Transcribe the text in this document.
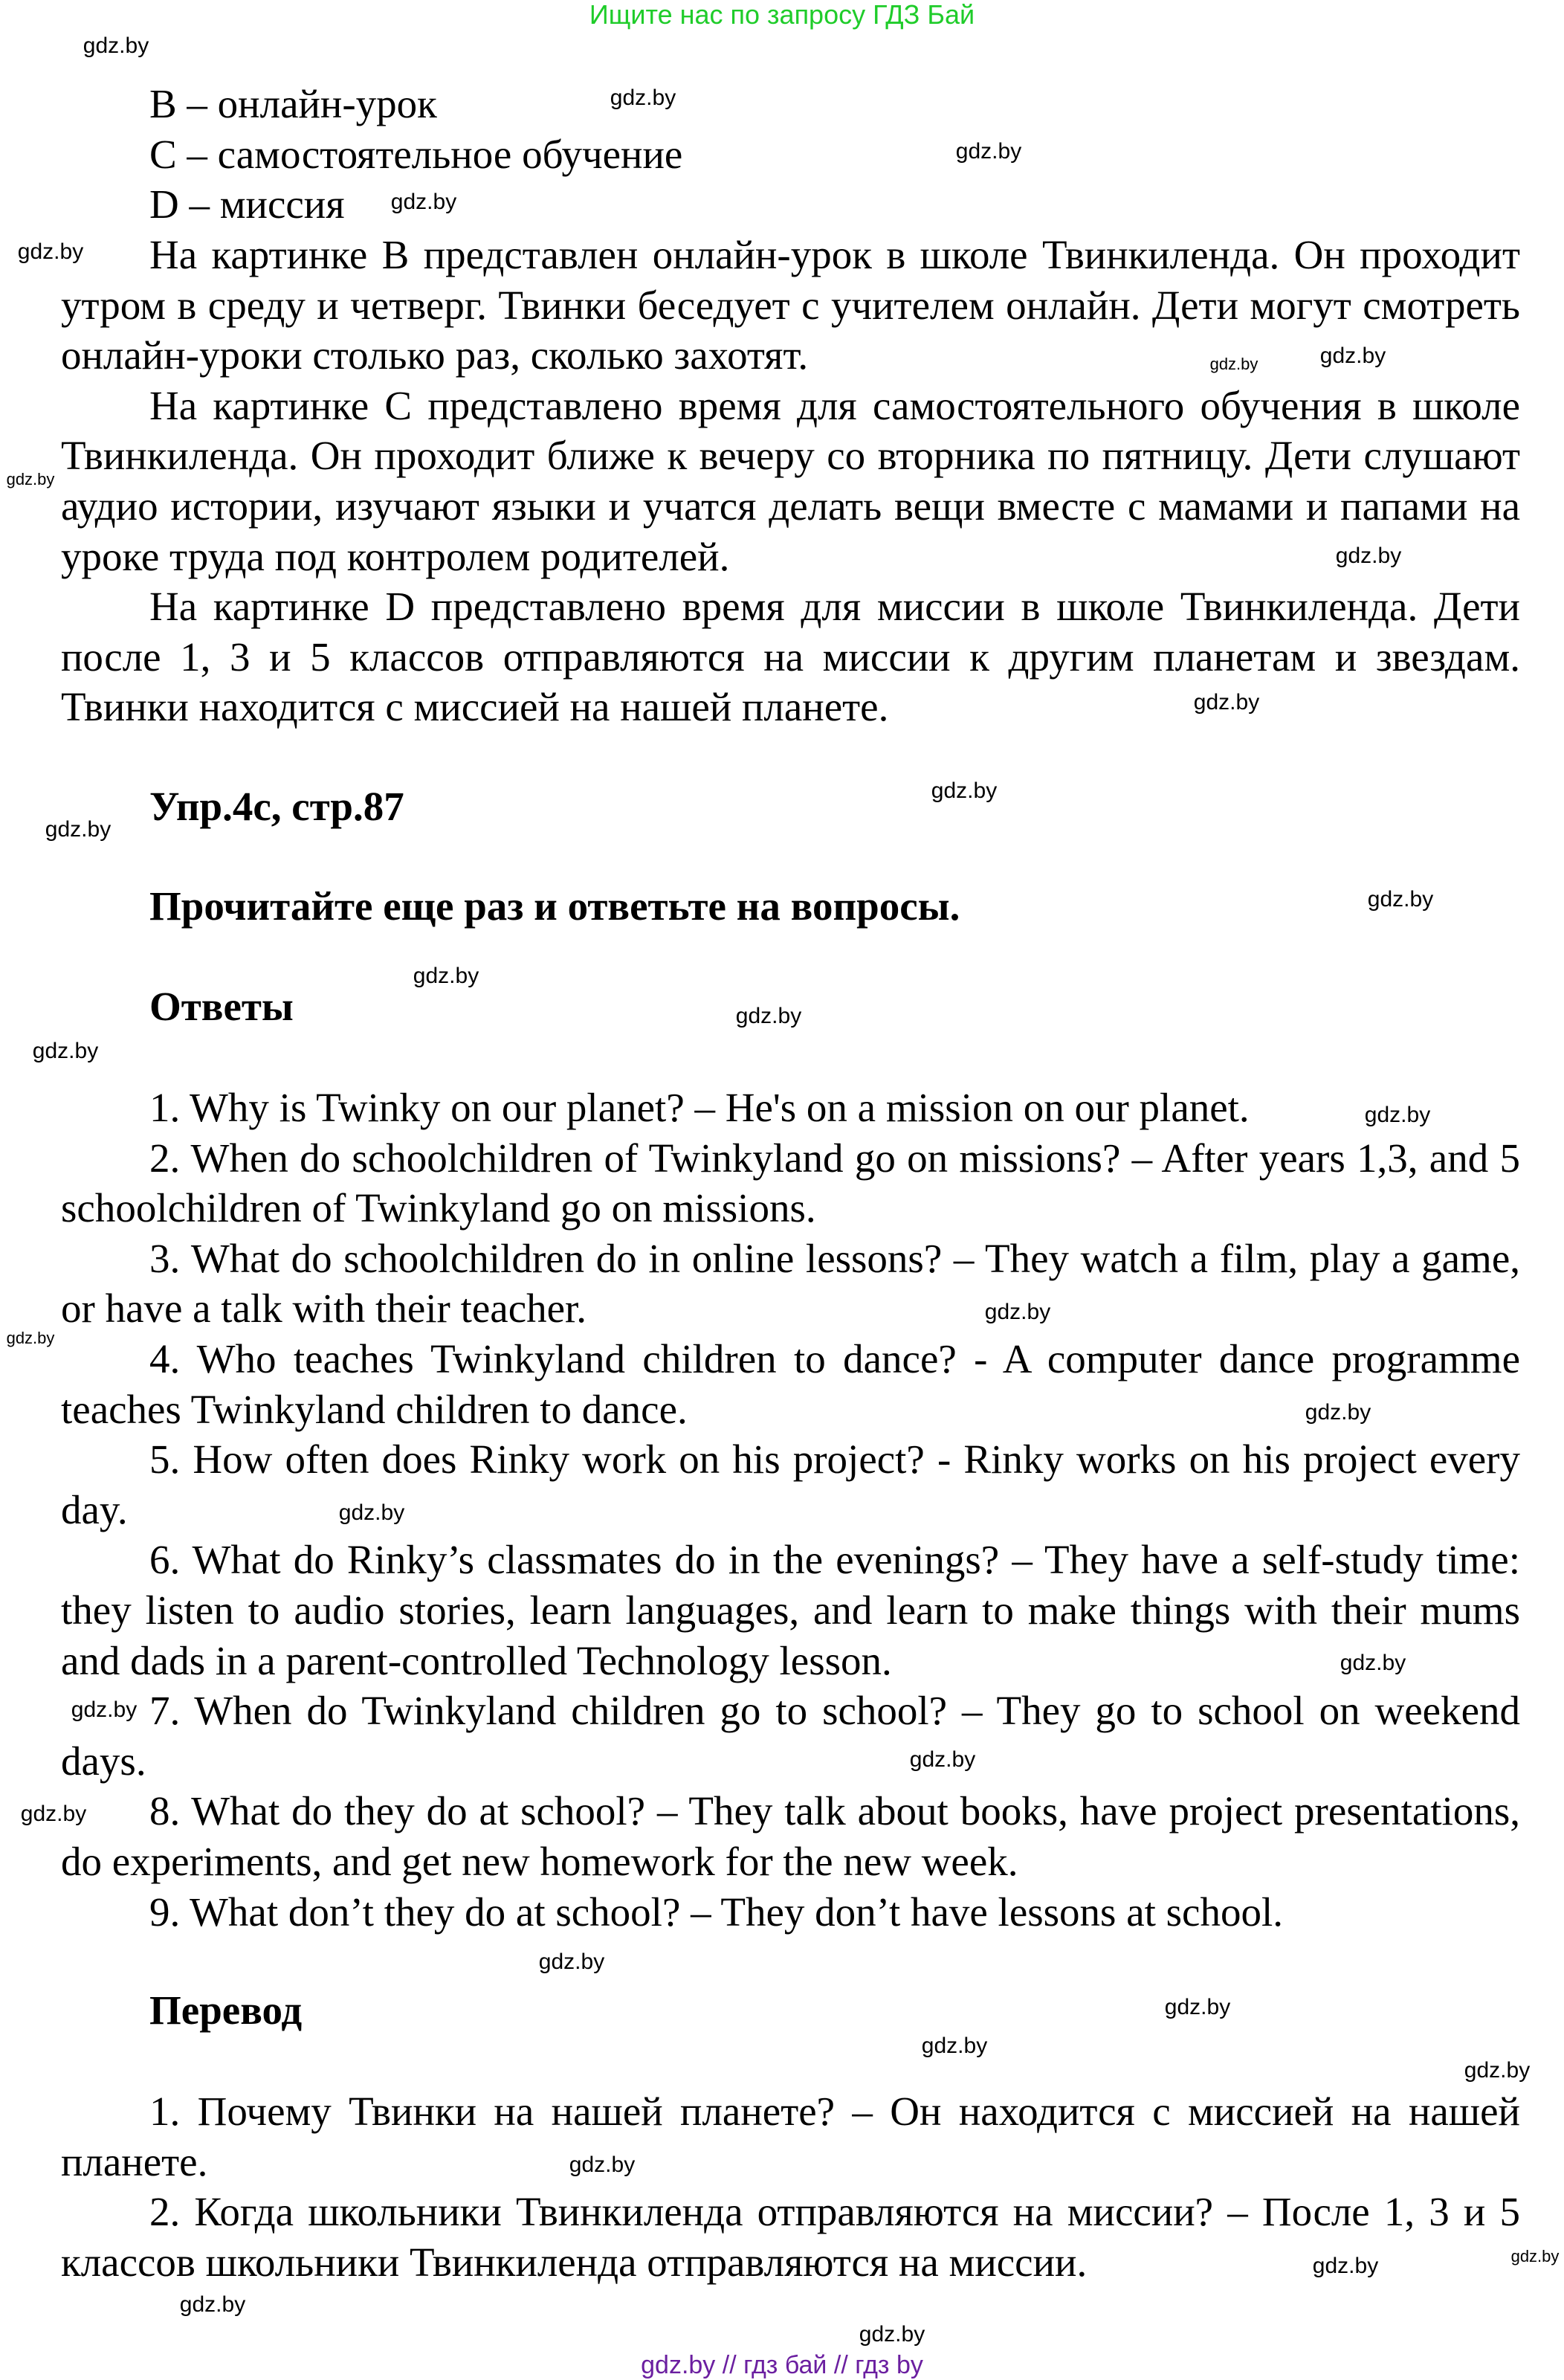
Ищите нас по запросу ГДЗ Бай
B – онлайн-урок
C – самостоятельное обучение
D – миссия

На картинке B представлен онлайн-урок в школе Твинкиленда. Он проходит утром в среду и четверг. Твинки беседует с учителем онлайн. Дети могут смотреть онлайн-уроки столько раз, сколько захотят.

На картинке C представлено время для самостоятельного обучения в школе Твинкиленда. Он проходит ближе к вечеру со вторника по пятницу. Дети слушают аудио истории, изучают языки и учатся делать вещи вместе с мамами и папами на уроке труда под контролем родителей.

На картинке D представлено время для миссии в школе Твинкиленда. Дети после 1, 3 и 5 классов отправляются на миссии к другим планетам и звездам. Твинки находится с миссией на нашей планете.

Упр.4с, стр.87
Прочитайте еще раз и ответьте на вопросы.
Ответы

1. Why is Twinky on our planet? – He's on a mission on our planet.

2. When do schoolchildren of Twinkyland go on missions? – After years 1,3, and 5 schoolchildren of Twinkyland go on missions.

3. What do schoolchildren do in online lessons? – They watch a film, play a game, or have a talk with their teacher.

4. Who teaches Twinkyland children to dance? - A computer dance programme teaches Twinkyland children to dance.

5. How often does Rinky work on his project? - Rinky works on his project every day.

6. What do Rinky’s classmates do in the evenings? – They have a self-study time: they listen to audio stories, learn languages, and learn to make things with their mums and dads in a parent-controlled Technology lesson.

7. When do Twinkyland children go to school? – They go to school on weekend days.

8. What do they do at school? – They talk about books, have project presentations, do experiments, and get new homework for the new week.

9. What don’t they do at school? – They don’t have lessons at school.

Перевод

1. Почему Твинки на нашей планете? – Он находится с миссией на нашей планете.

2. Когда школьники Твинкиленда отправляются на миссии? – После 1, 3 и 5 классов школьники Твинкиленда отправляются на миссии.

gdz.by
gdz.by
gdz.by
gdz.by
gdz.by
gdz.by
gdz.by
gdz.by
gdz.by
gdz.by
gdz.by
gdz.by
gdz.by
gdz.by
gdz.by
gdz.by
gdz.by
gdz.by
gdz.by
gdz.by
gdz.by
gdz.by
gdz.by
gdz.by
gdz.by
gdz.by
gdz.by
gdz.by
gdz.by
gdz.by
gdz.by
gdz.by
gdz.by
gdz.by
gdz.by // гдз бай // гдз by
